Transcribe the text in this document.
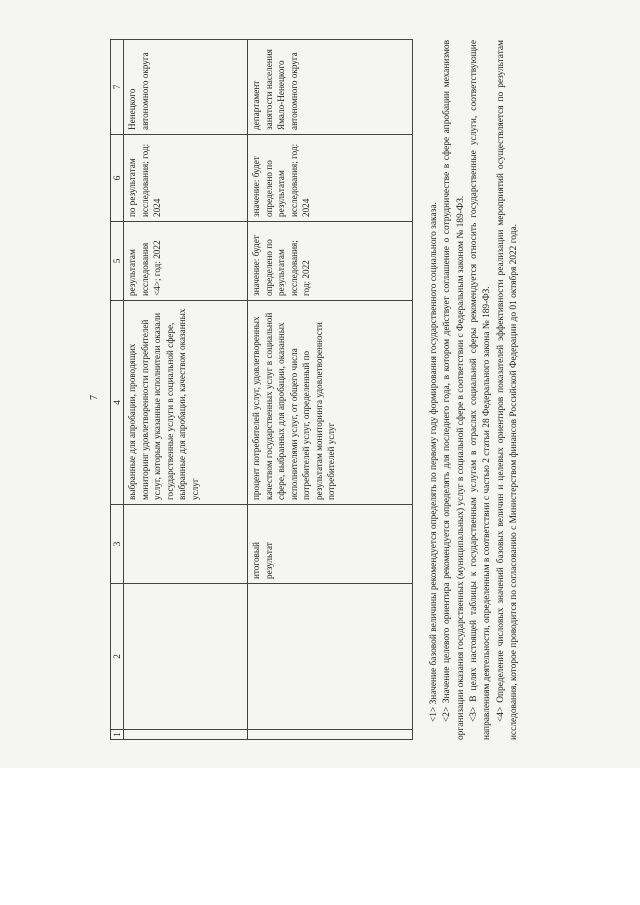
7
1	2	3	4	5	6	7
			выбранные для апробации, проводящих мониторинг удовлетворенности потребителей услуг, которым указанные исполнители оказали государственные услуги в социальной сфере, выбранные для апробации, качеством оказанных услуг	результатам исследования <4>; год: 2022	по результатам исследования; год: 2024	Ненецкого автономного округа
		итоговый результат	процент потребителей услуг, удовлетворенных качеством государственных услуг в социальной сфере, выбранных для апробации, оказанных исполнителями услуг, от общего числа потребителей услуг, определенный по результатам мониторинга удовлетворенности потребителей услуг	значение: будет определено по результатам исследования; год: 2022	значение: будет определено по результатам исследования; год: 2024	департамент занятости населения Ямало-Ненецкого автономного округа

<1> Значение базовой величины рекомендуется определять по первому году формирования государственного социального заказа. <2> Значение целевого ориентира рекомендуется определять для последнего года, в котором действует соглашение о сотрудничестве в сфере апробации механизмов организации оказания государственных (муниципальных) услуг в социальной сфере в соответствии с Федеральным законом № 189-ФЗ. <3> В целях настоящей таблицы к государственным услугам в отраслях социальной сферы рекомендуется относить государственные услуги, соответствующие направлениям деятельности, определенным в соответствии с частью 2 статьи 28 Федерального закона № 189-ФЗ. <4> Определение числовых значений базовых величин и целевых ориентиров показателей эффективности реализации мероприятий осуществляется по результатам исследования, которое проводится по согласованию с Министерством финансов Российской Федерации до 01 октября 2022 года.
